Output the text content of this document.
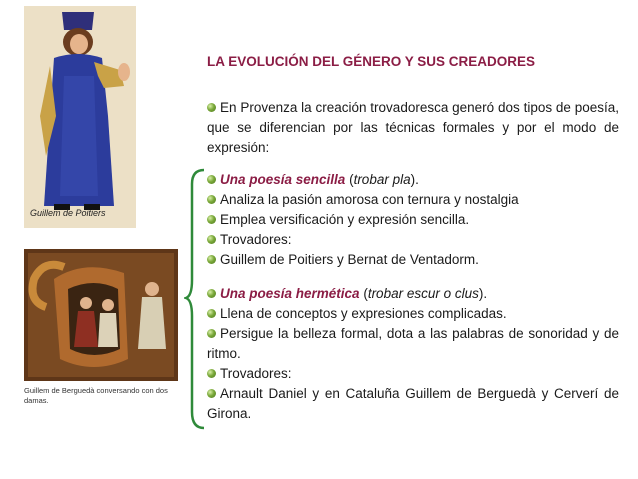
Guillem de Poitiers
Guillem de Berguedà conversando con dos damas.
LA EVOLUCIÓN DEL GÉNERO Y SUS CREADORES
En Provenza la creación trovadoresca generó dos tipos de poesía, que se diferencian por las técnicas formales y por el modo de expresión:
Una poesía sencilla (trobar pla).
Analiza la pasión amorosa con ternura y nostalgia
Emplea versificación y expresión sencilla.
Trovadores:
Guillem de Poitiers y Bernat de Ventadorm.
Una poesía hermética (trobar escur o clus).
Llena de conceptos y expresiones complicadas.
Persigue la belleza formal, dota a las palabras de sonoridad y de ritmo.
Trovadores:
Arnault Daniel y en Cataluña Guillem de Berguedà y Cerverí de Girona.
